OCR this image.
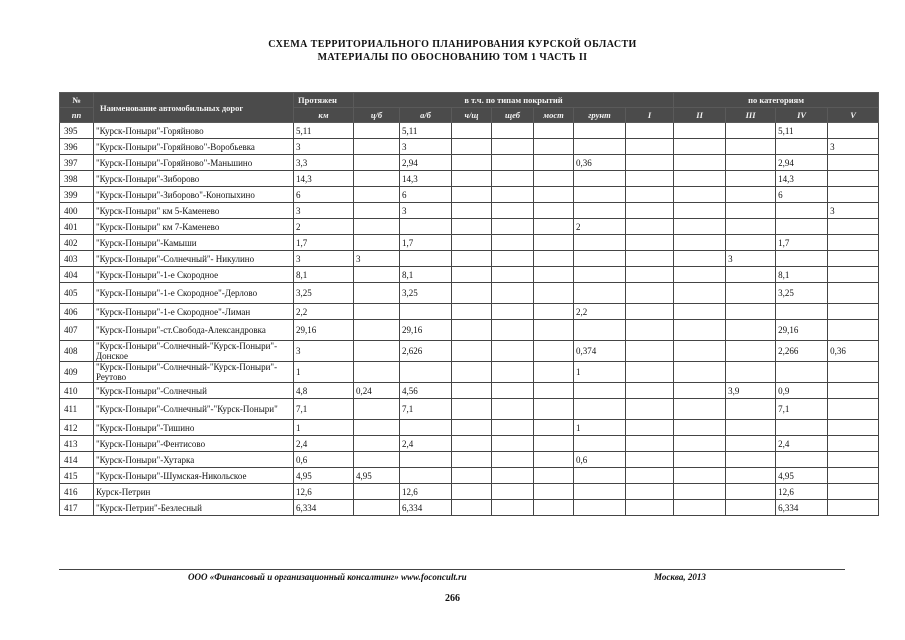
СХЕМА ТЕРРИТОРИАЛЬНОГО ПЛАНИРОВАНИЯ КУРСКОЙ ОБЛАСТИ
МАТЕРИАЛЫ ПО ОБОСНОВАНИЮ ТОМ 1 ЧАСТЬ II
№	Наименование автомобильных дорог	Протяжен	в т.ч. по типам покрытий							по категориям			
пп		км	ц/б	а/б	ч/щ	щеб	мост	грунт	I	II	III	IV	V
395	"Курск-Поныри"-Горяйново	5,11		5,11								5,11	
396	"Курск-Поныри"-Горяйново"-Воробьевка	3		3									3
397	"Курск-Поныри"-Горяйново"-Маньшино	3,3		2,94				0,36				2,94	
398	"Курск-Поныри"-Зиборово	14,3		14,3								14,3	
399	"Курск-Поныри"-Зиборово"-Конопыхино	6		6								6	
400	"Курск-Поныри" км 5-Каменево	3		3									3
401	"Курск-Поныри" км 7-Каменево	2						2					
402	"Курск-Поныри"-Камыши	1,7		1,7								1,7	
403	"Курск-Поныри"-Солнечный"- Никулино	3	3								3		
404	"Курск-Поныри"-1-е Скородное	8,1		8,1								8,1	
405	"Курск-Поныри"-1-е Скородное"-Дерлово	3,25		3,25								3,25	
406	"Курск-Поныри"-1-е Скородное"-Лиман	2,2						2,2					
407	"Курск-Поныри"-ст.Свобода-Александровка	29,16		29,16								29,16	
408	"Курск-Поныри"-Солнечный-"Курск-Поныри"-Донское	3		2,626				0,374				2,266	0,36
409	"Курск-Поныри"-Солнечный-"Курск-Поныри"-Реутово	1						1					
410	"Курск-Поныри"-Солнечный	4,8	0,24	4,56							3,9	0,9	
411	"Курск-Поныри"-Солнечный"-"Курск-Поныри"	7,1		7,1								7,1	
412	"Курск-Поныри"-Тишино	1						1					
413	"Курск-Поныри"-Фентисово	2,4		2,4								2,4	
414	"Курск-Поныри"-Хутарка	0,6						0,6					
415	"Курск-Поныри"-Шумская-Никольское	4,95	4,95									4,95	
416	Курск-Петрин	12,6		12,6								12,6	
417	"Курск-Петрин"-Безлесный	6,334		6,334								6,334	
ООО «Финансовый и организационный консалтинг» www.foconcult.ru	Москва, 2013
266
